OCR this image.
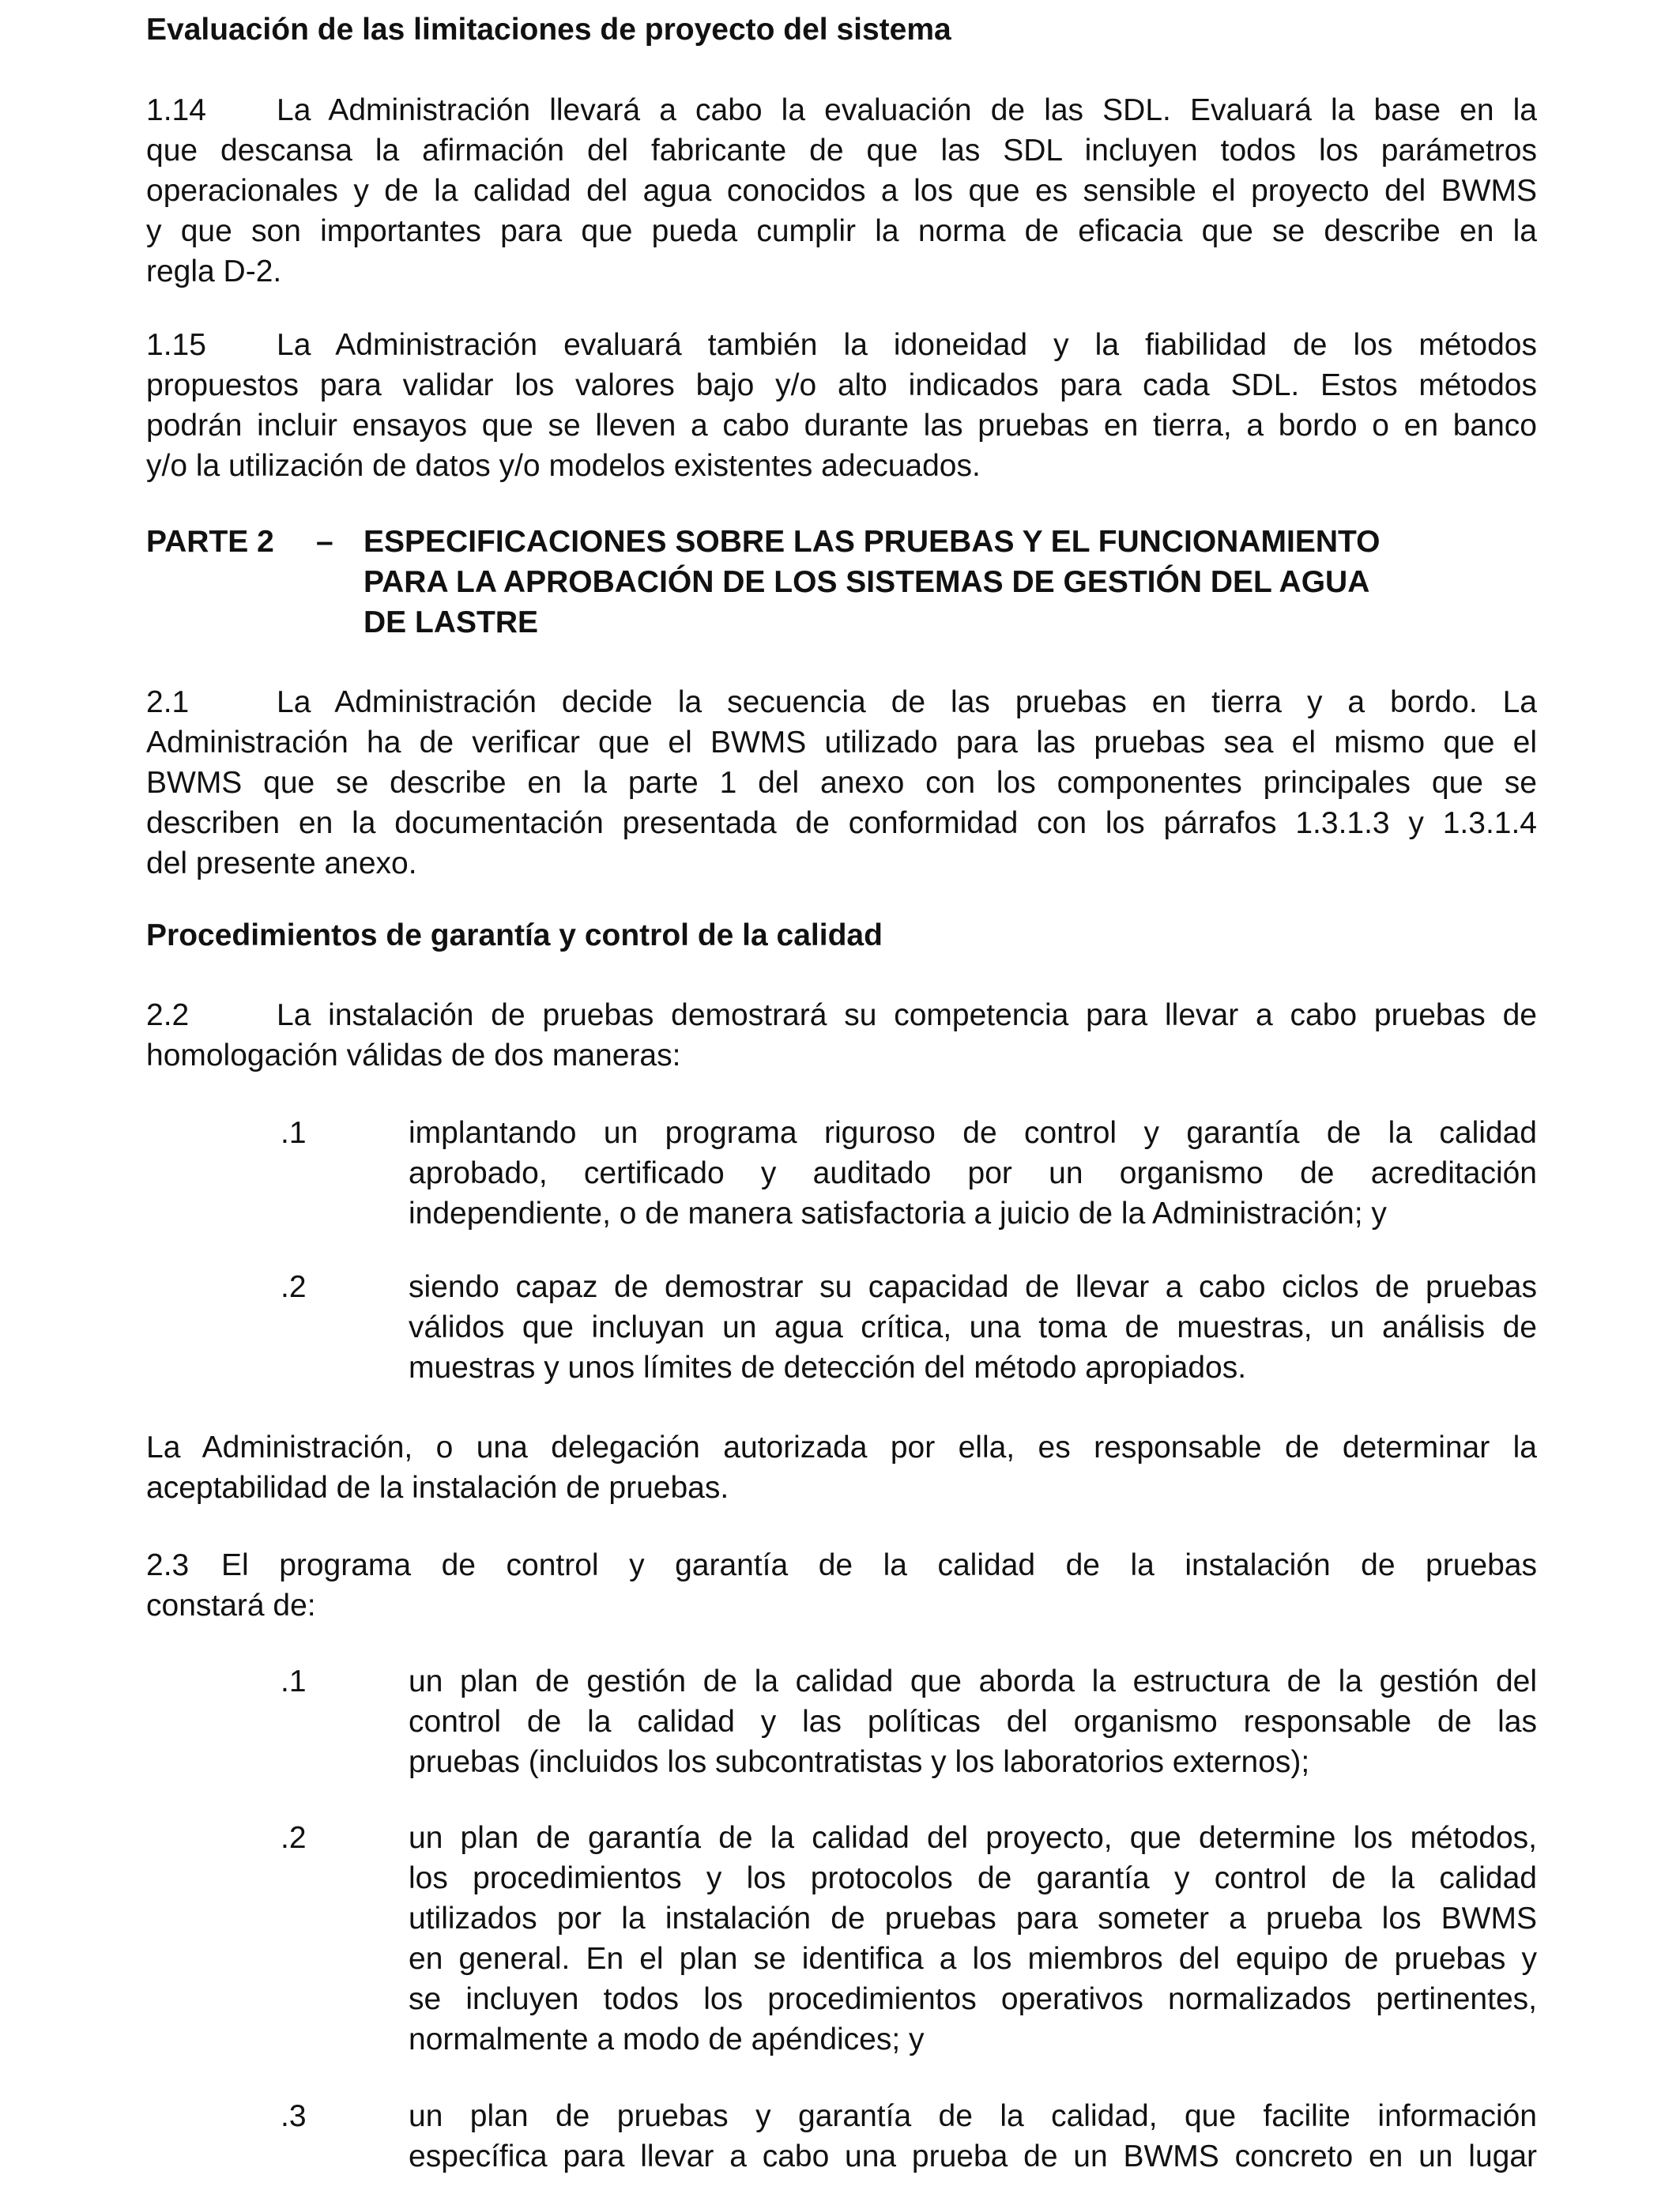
Evaluación de las limitaciones de proyecto del sistema
1.14 La Administración llevará a cabo la evaluación de las SDL. Evaluará la base en la
que descansa la afirmación del fabricante de que las SDL incluyen todos los parámetros
operacionales y de la calidad del agua conocidos a los que es sensible el proyecto del BWMS
y que son importantes para que pueda cumplir la norma de eficacia que se describe en la
regla D-2.
1.15 La Administración evaluará también la idoneidad y la fiabilidad de los métodos
propuestos para validar los valores bajo y/o alto indicados para cada SDL. Estos métodos
podrán incluir ensayos que se lleven a cabo durante las pruebas en tierra, a bordo o en banco
y/o la utilización de datos y/o modelos existentes adecuados.
PARTE 2 – ESPECIFICACIONES SOBRE LAS PRUEBAS Y EL FUNCIONAMIENTO
PARA LA APROBACIÓN DE LOS SISTEMAS DE GESTIÓN DEL AGUA
DE LASTRE
2.1	La Administración decide la secuencia de las pruebas en tierra y a bordo. La
Administración ha de verificar que el BWMS utilizado para las pruebas sea el mismo que el
BWMS que se describe en la parte 1 del anexo con los componentes principales que se
describen en la documentación presentada de conformidad con los párrafos 1.3.1.3 y 1.3.1.4
del presente anexo.
Procedimientos de garantía y control de la calidad
2.2	La instalación de pruebas demostrará su competencia para llevar a cabo pruebas de
homologación válidas de dos maneras:
.1	implantando un programa riguroso de control y garantía de la calidad
aprobado, certificado y auditado por un organismo de acreditación
independiente, o de manera satisfactoria a juicio de la Administración; y
.2	siendo capaz de demostrar su capacidad de llevar a cabo ciclos de pruebas
válidos que incluyan un agua crítica, una toma de muestras, un análisis de
muestras y unos límites de detección del método apropiados.
La Administración, o una delegación autorizada por ella, es responsable de determinar la
aceptabilidad de la instalación de pruebas.
2.3 El programa de control y garantía de la calidad de la instalación de pruebas
constará de:
.1	un plan de gestión de la calidad que aborda la estructura de la gestión del
control de la calidad y las políticas del organismo responsable de las
pruebas (incluidos los subcontratistas y los laboratorios externos);
.2	un plan de garantía de la calidad del proyecto, que determine los métodos,
los procedimientos y los protocolos de garantía y control de la calidad
utilizados por la instalación de pruebas para someter a prueba los BWMS
en general. En el plan se identifica a los miembros del equipo de pruebas y
se incluyen todos los procedimientos operativos normalizados pertinentes,
normalmente a modo de apéndices; y
.3	un plan de pruebas y garantía de la calidad, que facilite información
específica para llevar a cabo una prueba de un BWMS concreto en un lugar
